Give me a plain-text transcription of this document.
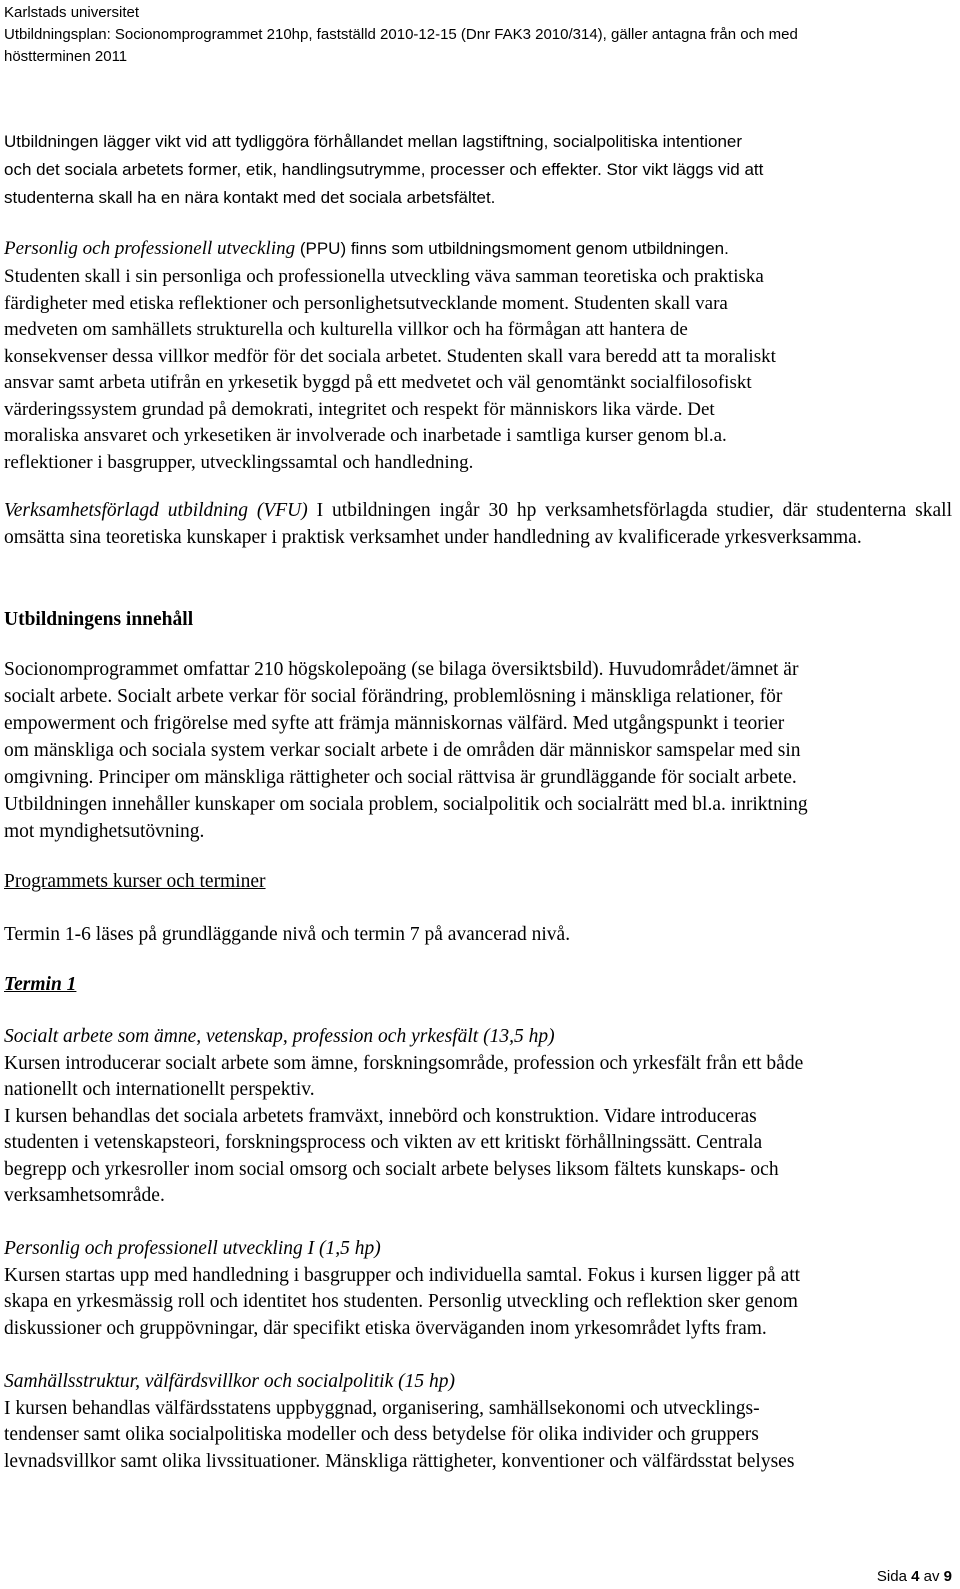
Karlstads universitet
Utbildningsplan: Socionomprogrammet 210hp, fastställd 2010-12-15 (Dnr FAK3 2010/314), gäller antagna från och med
höstterminen 2011
Utbildningen lägger vikt vid att tydliggöra förhållandet mellan lagstiftning, socialpolitiska intentioner
och det sociala arbetets former, etik, handlingsutrymme, processer och effekter. Stor vikt läggs vid att
studenterna skall ha en nära kontakt med det sociala arbetsfältet.
Personlig och professionell utveckling (PPU) finns som utbildningsmoment genom utbildningen.
Studenten skall i sin personliga och professionella utveckling väva samman teoretiska och praktiska
färdigheter med etiska reflektioner och personlighetsutvecklande moment. Studenten skall vara
medveten om samhällets strukturella och kulturella villkor och ha förmågan att hantera de
konsekvenser dessa villkor medför för det sociala arbetet. Studenten skall vara beredd att ta moraliskt
ansvar samt arbeta utifrån en yrkesetik byggd på ett medvetet och väl genomtänkt socialfilosofiskt
värderingssystem grundad på demokrati, integritet och respekt för människors lika värde. Det
moraliska ansvaret och yrkesetiken är involverade och inarbetade i samtliga kurser genom bl.a.
reflektioner i basgrupper, utvecklingssamtal och handledning.

Verksamhetsförlagd utbildning (VFU) I utbildningen ingår 30 hp verksamhetsförlagda studier, där studenterna skall omsätta sina teoretiska kunskaper i praktisk verksamhet under handledning av kvalificerade yrkesverksamma.

Utbildningens innehåll
Socionomprogrammet omfattar 210 högskolepoäng (se bilaga översiktsbild). Huvudområdet/ämnet är
socialt arbete. Socialt arbete verkar för social förändring, problemlösning i mänskliga relationer, för
empowerment och frigörelse med syfte att främja människornas välfärd. Med utgångspunkt i teorier
om mänskliga och sociala system verkar socialt arbete i de områden där människor samspelar med sin
omgivning. Principer om mänskliga rättigheter och social rättvisa är grundläggande för socialt arbete.
Utbildningen innehåller kunskaper om sociala problem, socialpolitik och socialrätt med bl.a. inriktning
mot myndighetsutövning.
Programmets kurser och terminer
Termin 1-6 läses på grundläggande nivå och termin 7 på avancerad nivå.
Termin 1
Socialt arbete som ämne, vetenskap, profession och yrkesfält (13,5 hp)
Kursen introducerar socialt arbete som ämne, forskningsområde, profession och yrkesfält från ett både
nationellt och internationellt perspektiv.
I kursen behandlas det sociala arbetets framväxt, innebörd och konstruktion. Vidare introduceras
studenten i vetenskapsteori, forskningsprocess och vikten av ett kritiskt förhållningssätt. Centrala
begrepp och yrkesroller inom social omsorg och socialt arbete belyses liksom fältets kunskaps- och
verksamhetsområde.
Personlig och professionell utveckling I (1,5 hp)
Kursen startas upp med handledning i basgrupper och individuella samtal. Fokus i kursen ligger på att
skapa en yrkesmässig roll och identitet hos studenten. Personlig utveckling och reflektion sker genom
diskussioner och gruppövningar, där specifikt etiska överväganden inom yrkesområdet lyfts fram.
Samhällsstruktur, välfärdsvillkor och socialpolitik (15 hp)
I kursen behandlas välfärdsstatens uppbyggnad, organisering, samhällsekonomi och utvecklings-
tendenser samt olika socialpolitiska modeller och dess betydelse för olika individer och gruppers
levnadsvillkor samt olika livssituationer. Mänskliga rättigheter, konventioner och välfärdsstat belyses
Sida 4 av 9
